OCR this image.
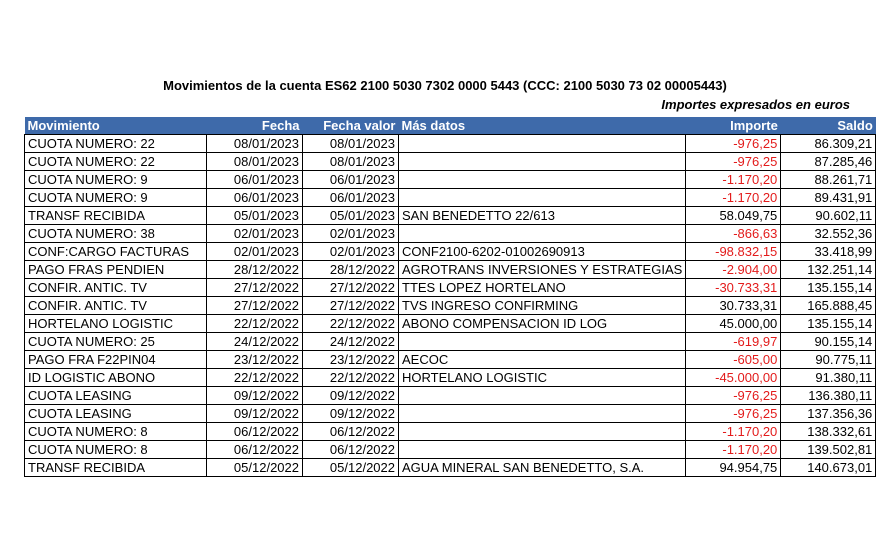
Movimientos de la cuenta ES62 2100 5030 7302 0000 5443 (CCC: 2100 5030 73 02 00005443)
Importes expresados en euros
Movimiento	Fecha	Fecha valor	Más datos	Importe	Saldo
CUOTA NUMERO: 22	08/01/2023	08/01/2023		-976,25	86.309,21
CUOTA NUMERO: 22	08/01/2023	08/01/2023		-976,25	87.285,46
CUOTA NUMERO: 9	06/01/2023	06/01/2023		-1.170,20	88.261,71
CUOTA NUMERO: 9	06/01/2023	06/01/2023		-1.170,20	89.431,91
TRANSF RECIBIDA	05/01/2023	05/01/2023	SAN BENEDETTO 22/613	58.049,75	90.602,11
CUOTA NUMERO: 38	02/01/2023	02/01/2023		-866,63	32.552,36
CONF:CARGO FACTURAS	02/01/2023	02/01/2023	CONF2100-6202-01002690913	-98.832,15	33.418,99
PAGO FRAS PENDIEN	28/12/2022	28/12/2022	AGROTRANS INVERSIONES Y ESTRATEGIAS	-2.904,00	132.251,14
CONFIR. ANTIC. TV	27/12/2022	27/12/2022	TTES LOPEZ HORTELANO	-30.733,31	135.155,14
CONFIR. ANTIC. TV	27/12/2022	27/12/2022	TVS INGRESO CONFIRMING	30.733,31	165.888,45
HORTELANO LOGISTIC	22/12/2022	22/12/2022	ABONO COMPENSACION ID LOG	45.000,00	135.155,14
CUOTA NUMERO: 25	24/12/2022	24/12/2022		-619,97	90.155,14
PAGO FRA F22PIN04	23/12/2022	23/12/2022	AECOC	-605,00	90.775,11
ID LOGISTIC ABONO	22/12/2022	22/12/2022	HORTELANO LOGISTIC	-45.000,00	91.380,11
CUOTA LEASING	09/12/2022	09/12/2022		-976,25	136.380,11
CUOTA LEASING	09/12/2022	09/12/2022		-976,25	137.356,36
CUOTA NUMERO: 8	06/12/2022	06/12/2022		-1.170,20	138.332,61
CUOTA NUMERO: 8	06/12/2022	06/12/2022		-1.170,20	139.502,81
TRANSF RECIBIDA	05/12/2022	05/12/2022	AGUA MINERAL SAN BENEDETTO, S.A.	94.954,75	140.673,01
